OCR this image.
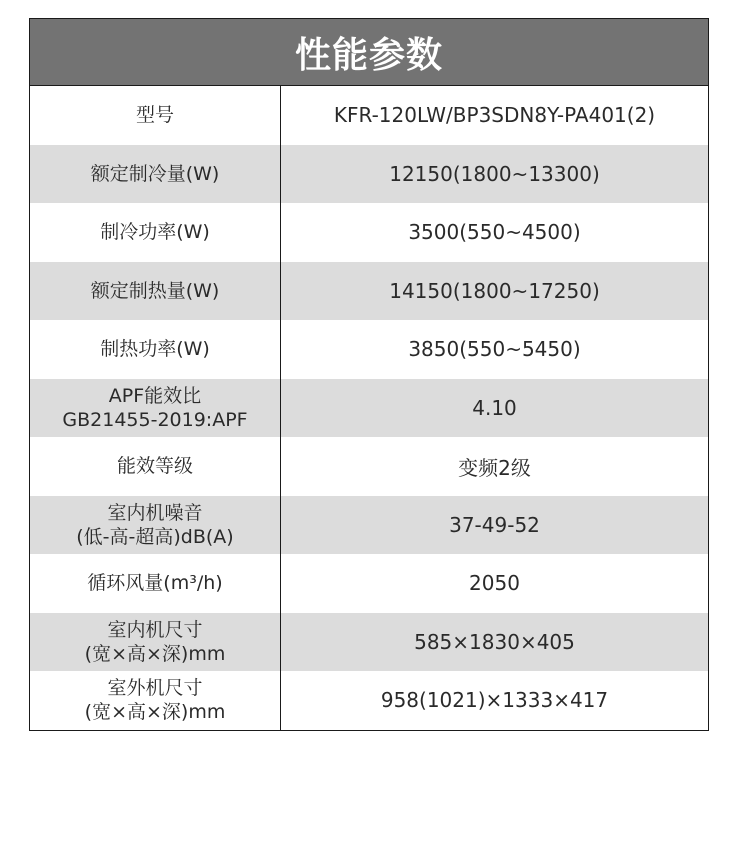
性能参数
型号	KFR-120LW/BP3SDN8Y-PA401(2)
额定制冷量(W)	12150(1800~13300)
制冷功率(W)	3500(550~4500)
额定制热量(W)	14150(1800~17250)
制热功率(W)	3850(550~5450)
APF能效比
GB21455-2019:APF	4.10
能效等级	变频2级
室内机噪音
(低-高-超高)dB(A)	37-49-52
循环风量(m³/h)	2050
室内机尺寸
(宽×高×深)mm	585×1830×405
室外机尺寸
(宽×高×深)mm	958(1021)×1333×417
